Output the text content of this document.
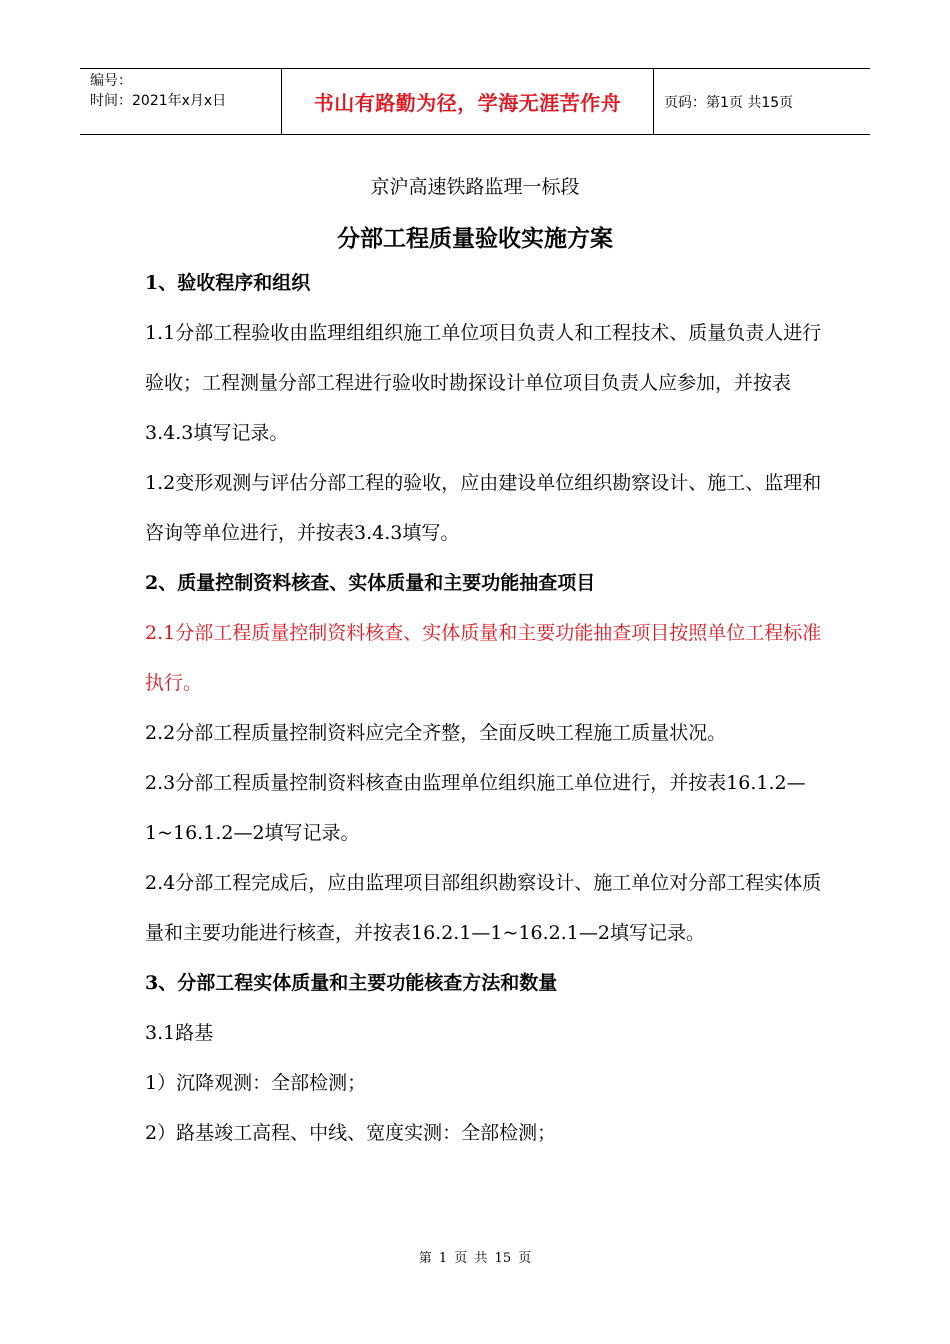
编号：
时间：2021年x月x日	书山有路勤为径，学海无涯苦作舟	页码：第1页 共15页
京沪高速铁路监理一标段
分部工程质量验收实施方案

1、验收程序和组织

1.1分部工程验收由监理组组织施工单位项目负责人和工程技术、质量负责人进行验收；工程测量分部工程进行验收时勘探设计单位项目负责人应参加，并按表3.4.3填写记录。

1.2变形观测与评估分部工程的验收，应由建设单位组织勘察设计、施工、监理和咨询等单位进行，并按表3.4.3填写。

2、质量控制资料核查、实体质量和主要功能抽查项目

2.1分部工程质量控制资料核查、实体质量和主要功能抽查项目按照单位工程标准执行。

2.2分部工程质量控制资料应完全齐整，全面反映工程施工质量状况。

2.3分部工程质量控制资料核查由监理单位组织施工单位进行，并按表16.1.2—1~16.1.2—2填写记录。

2.4分部工程完成后，应由监理项目部组织勘察设计、施工单位对分部工程实体质量和主要功能进行核查，并按表16.2.1—1~16.2.1—2填写记录。

3、分部工程实体质量和主要功能核查方法和数量

3.1路基

1）沉降观测：全部检测；

2）路基竣工高程、中线、宽度实测：全部检测；

第 1 页 共 15 页
